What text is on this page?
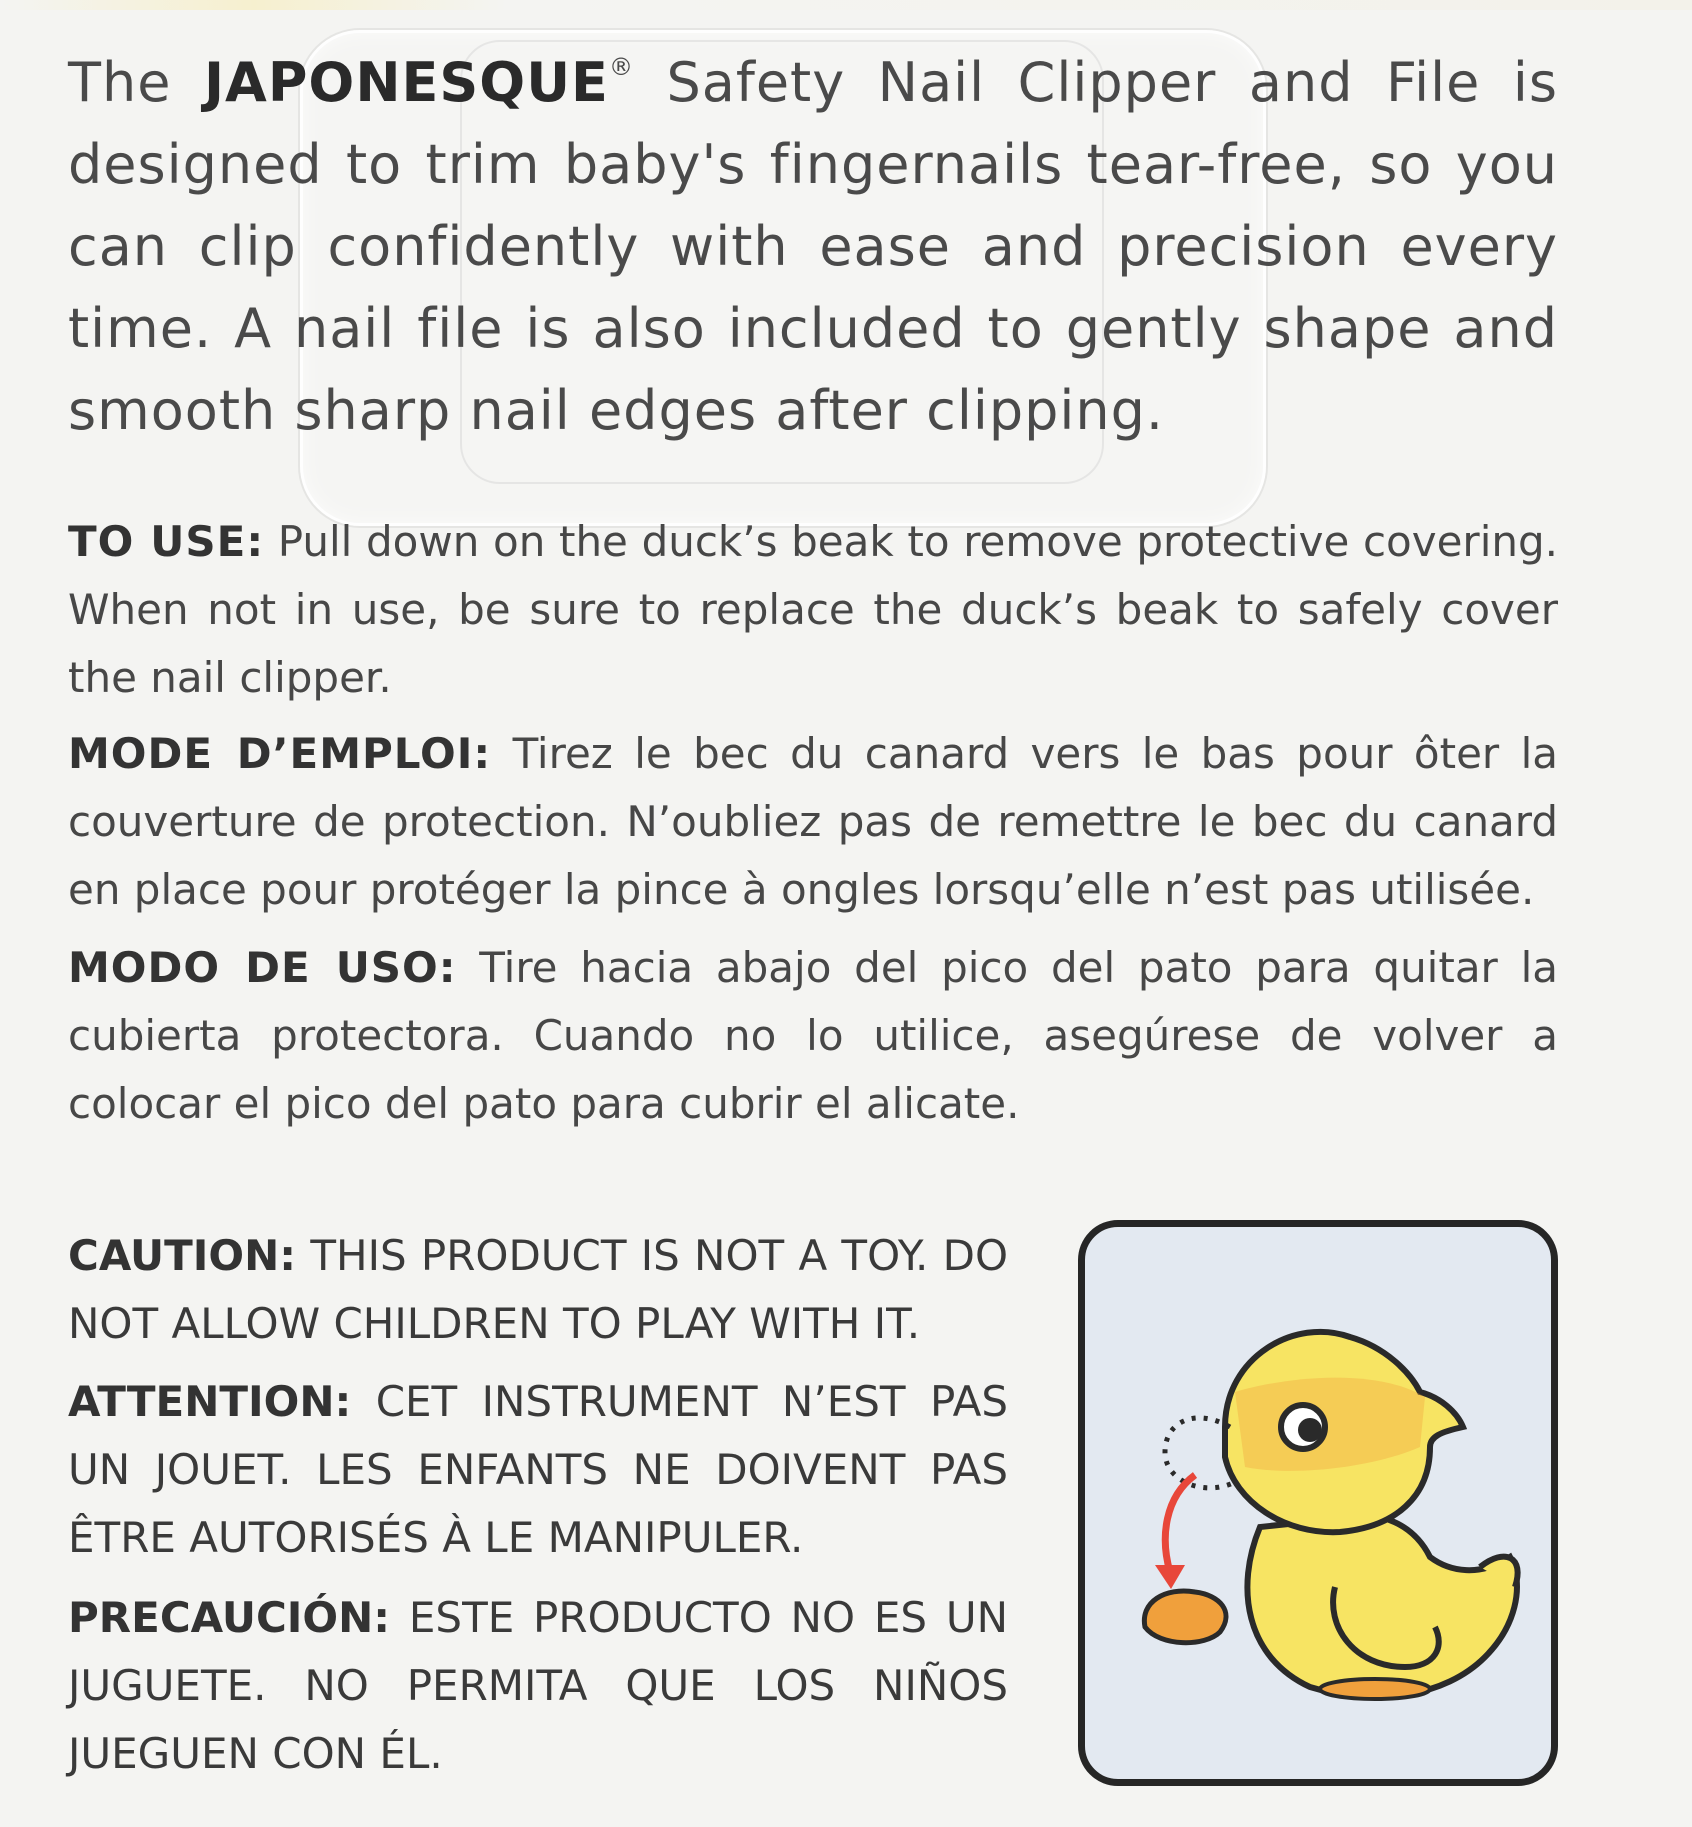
The JAPONESQUE® Safety Nail Clipper and File is designed to trim baby's fingernails tear-free, so you can clip confidently with ease and precision every time. A nail file is also included to gently shape and smooth sharp nail edges after clipping.
TO USE: Pull down on the duck’s beak to remove protective covering. When not in use, be sure to replace the duck’s beak to safely cover the nail clipper.
MODE D’EMPLOI: Tirez le bec du canard vers le bas pour ôter la couverture de protection. N’oubliez pas de remettre le bec du canard en place pour protéger la pince à ongles lorsqu’elle n’est pas utilisée.
MODO DE USO: Tire hacia abajo del pico del pato para quitar la cubierta protectora. Cuando no lo utilice, asegúrese de volver a colocar el pico del pato para cubrir el alicate.
CAUTION: THIS PRODUCT IS NOT A TOY. DO NOT ALLOW CHILDREN TO PLAY WITH IT.
ATTENTION: CET INSTRUMENT N’EST PAS UN JOUET. LES ENFANTS NE DOIVENT PAS ÊTRE AUTORISÉS À LE MANIPULER.
PRECAUCIÓN: ESTE PRODUCTO NO ES UN JUGUETE. NO PERMITA QUE LOS NIÑOS JUEGUEN CON ÉL.
